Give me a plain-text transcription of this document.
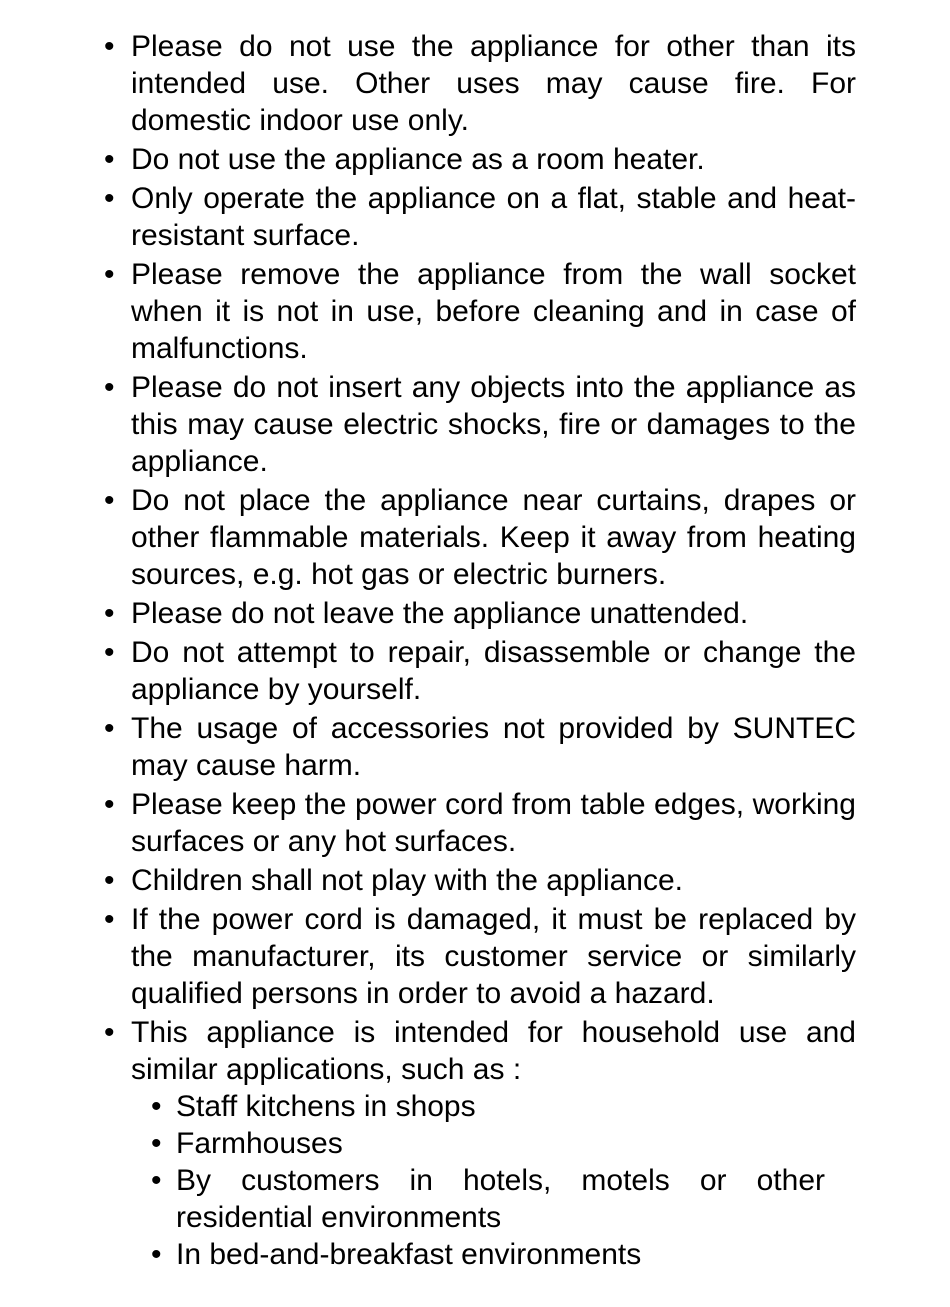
• Please do not use the appliance for other than its intended use. Other uses may cause fire. For domestic indoor use only.
• Do not use the appliance as a room heater.
• Only operate the appliance on a flat, stable and heat-resistant surface.
• Please remove the appliance from the wall socket when it is not in use, before cleaning and in case of malfunctions.
• Please do not insert any objects into the appliance as this may cause electric shocks, fire or damages to the appliance.
• Do not place the appliance near curtains, drapes or other flammable materials. Keep it away from heating sources, e.g. hot gas or electric burners.
• Please do not leave the appliance unattended.
• Do not attempt to repair, disassemble or change the appliance by yourself.
• The usage of accessories not provided by SUNTEC may cause harm.
• Please keep the power cord from table edges, working surfaces or any hot surfaces.
• Children shall not play with the appliance.
• If the power cord is damaged, it must be replaced by the manufacturer, its customer service or similarly qualified persons in order to avoid a hazard.
• This appliance is intended for household use and similar applications, such as :
• Staff kitchens in shops
• Farmhouses
• By customers in hotels, motels or other residential environments
• In bed-and-breakfast environments
